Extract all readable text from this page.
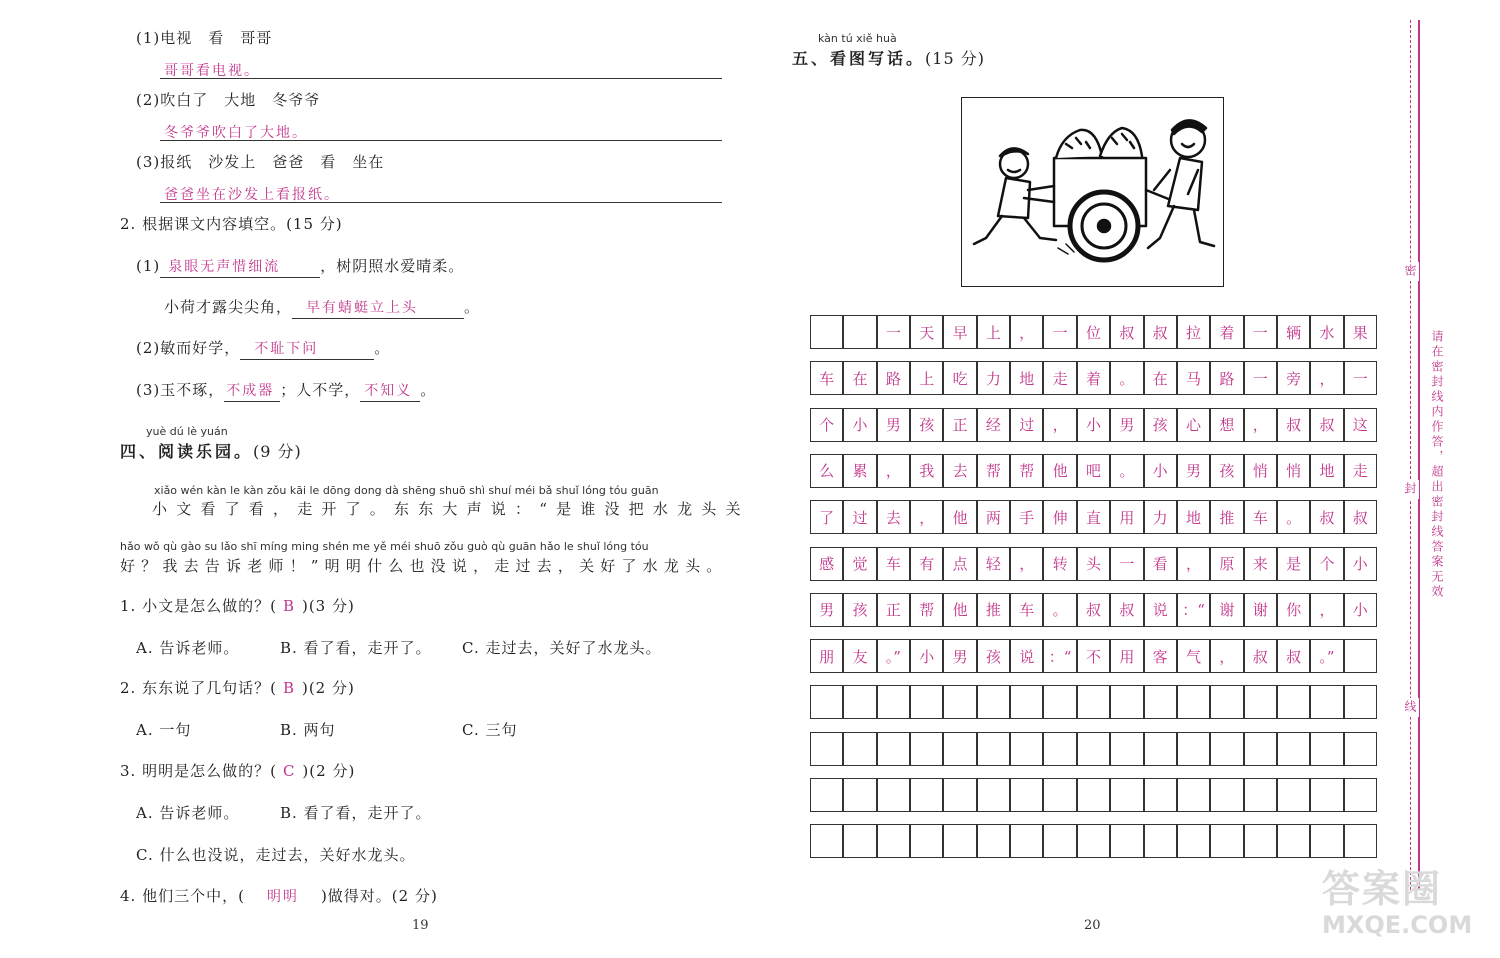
(1)电视　看　哥哥
哥哥看电视。
(2)吹白了　大地　冬爷爷
冬爷爷吹白了大地。
(3)报纸　沙发上　爸爸　看　坐在
爸爸坐在沙发上看报纸。
2. 根据课文内容填空。(15 分)
(1) 泉眼无声惜细流	，树阴照水爱晴柔。
小荷才露尖尖角， 早有蜻蜓立上头	。
(2)敏而好学， 不耻下问	。
(3)玉不琢， 不成器 ；人不学， 不知义 。
yuè dú lè yuán
四、阅读乐园。(9 分)
xiǎo wén kàn le kàn zǒu kāi le dōng dong dà shēng shuō shì shuí méi bǎ shuǐ lóng tóu guān
小文看了看，走开了。东东大声说：“是谁没把水龙头关
hǎo wǒ qù gào su lǎo shī míng ming shén me yě méi shuō zǒu guò qù guān hǎo le shuǐ lóng tóu
好？我去告诉老师！”明明什么也没说，走过去，关好了水龙头。
1. 小文是怎么做的？( B )(3 分)
A. 告诉老师。	B. 看了看，走开了。 C. 走过去，关好了水龙头。
2. 东东说了几句话？( B )(2 分)
A. 一句	B. 两句	C. 三句
3. 明明是怎么做的？( C )(2 分)
A. 告诉老师。	B. 看了看，走开了。
C. 什么也没说，走过去，关好水龙头。
4. 他们三个中，( 明明 )做得对。(2 分)
19
kàn tú xiě huà
五、看图写话。(15 分)
一	天	早	上	，	一	位	叔	叔	拉	着	一	辆	水	果
车	在	路	上	吃	力	地	走	着	。	在	马	路	一	旁	，	一
个	小	男	孩	正	经	过	，	小	男	孩	心	想	，	叔	叔	这
么	累	，	我	去	帮	帮	他	吧	。	小	男	孩	悄	悄	地	走
了	过	去	，	他	两	手	伸	直	用	力	地	推	车	。	叔	叔
感	觉	车	有	点	轻	，	转	头	一	看	，	原	来	是	个	小
男	孩	正	帮	他	推	车	。	叔	叔	说 ：“ 谢	谢	你	，	小
朋	友	。”	小	男	孩	说 ：“ 不	用	客	气	，	叔	叔	。”
20
密
封
线
请在密封线内作答，超出密封线答案无效
答案圈
MXQE.COM
